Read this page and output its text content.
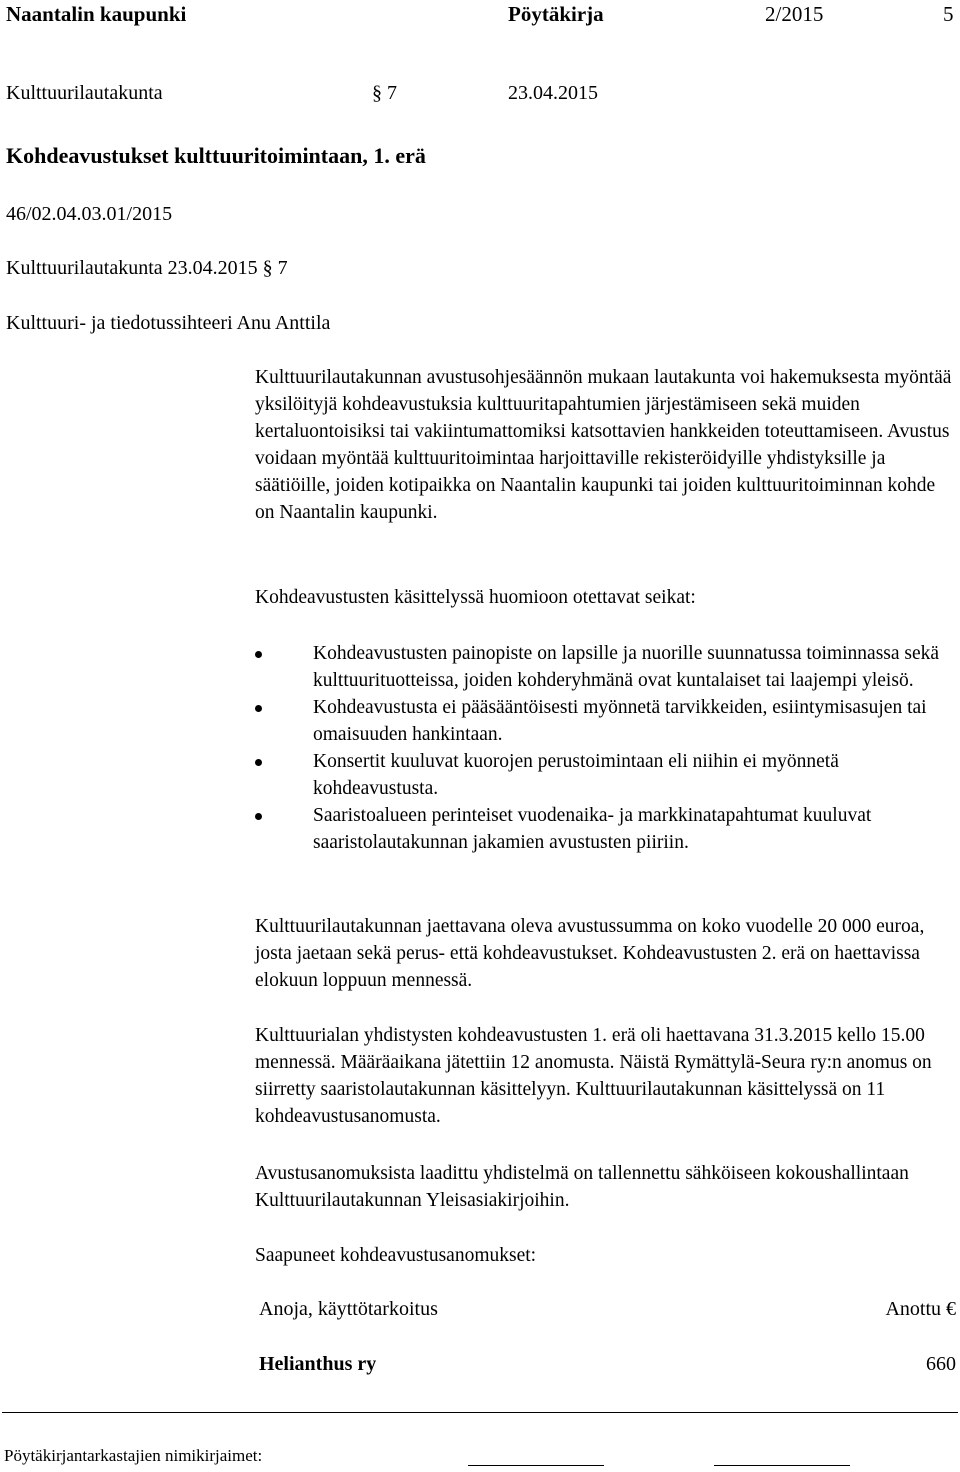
Naantalin kaupunki	Pöytäkirja	2/2015	5
Kulttuurilautakunta	§ 7	23.04.2015
Kohdeavustukset kulttuuritoimintaan, 1. erä
46/02.04.03.01/2015
Kulttuurilautakunta 23.04.2015 § 7
Kulttuuri- ja tiedotussihteeri Anu Anttila

Kulttuurilautakunnan avustusohjesäännön mukaan lautakunta voi hakemuksesta myöntää yksilöityjä kohdeavustuksia kulttuuritapahtumien järjestämiseen sekä muiden kertaluontoisiksi tai vakiintumattomiksi katsottavien hankkeiden toteuttamiseen. Avustus voidaan myöntää kulttuuritoimintaa harjoittaville rekisteröidyille yhdistyksille ja säätiöille, joiden kotipaikka on Naantalin kaupunki tai joiden kulttuuritoiminnan kohde on Naantalin kaupunki.

Kohdeavustusten käsittelyssä huomioon otettavat seikat:

Kohdeavustusten painopiste on lapsille ja nuorille suunnatussa toiminnassa sekä kulttuurituotteissa, joiden kohderyhmänä ovat kuntalaiset tai laajempi yleisö.
Kohdeavustusta ei pääsääntöisesti myönnetä tarvikkeiden, esiintymisasujen tai omaisuuden hankintaan.
Konsertit kuuluvat kuorojen perustoimintaan eli niihin ei myönnetä kohdeavustusta.
Saaristoalueen perinteiset vuodenaika- ja markkinatapahtumat kuuluvat saaristolautakunnan jakamien avustusten piiriin.

Kulttuurilautakunnan jaettavana oleva avustussumma on koko vuodelle 20 000 euroa, josta jaetaan sekä perus- että kohdeavustukset. Kohdeavustusten 2. erä on haettavissa elokuun loppuun mennessä.

Kulttuurialan yhdistysten kohdeavustusten 1. erä oli haettavana 31.3.2015 kello 15.00 mennessä. Määräaikana jätettiin 12 anomusta. Näistä Rymättylä-Seura ry:n anomus on siirretty saaristolautakunnan käsittelyyn. Kulttuurilautakunnan käsittelyssä on 11 kohdeavustusanomusta.

Avustusanomuksista laadittu yhdistelmä on tallennettu sähköiseen kokoushallintaan Kulttuurilautakunnan Yleisasiakirjoihin.

Saapuneet kohdeavustusanomukset:

Anoja, käyttötarkoitus	Anottu €
Helianthus ry	660
Pöytäkirjantarkastajien nimikirjaimet:
